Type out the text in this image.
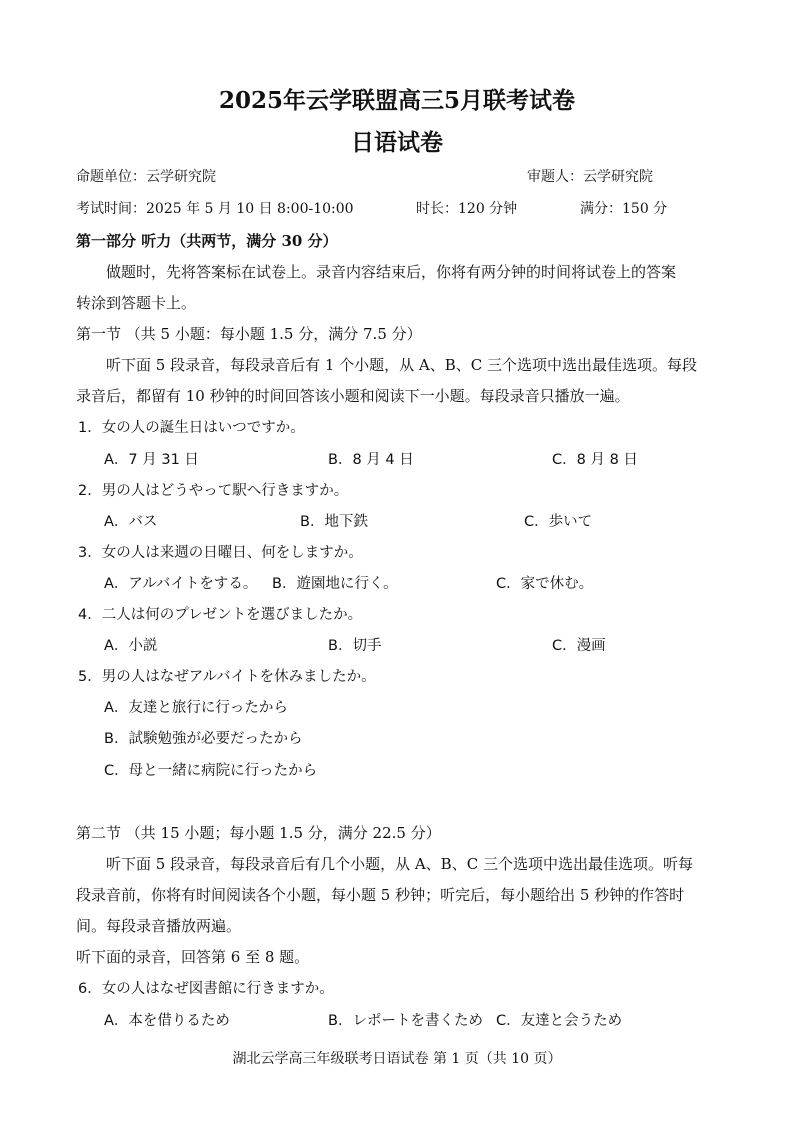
2025年云学联盟高三5月联考试卷
日语试卷
命题单位：云学研究院	审题人：云学研究院
考试时间：2025 年 5 月 10 日 8:00-10:00	时长：120 分钟	满分：150 分
第一部分 听力（共两节，满分 30 分）
做题时，先将答案标在试卷上。录音内容结束后，你将有两分钟的时间将试卷上的答案
转涂到答题卡上。
第一节 （共 5 小题：每小题 1.5 分，满分 7.5 分）
听下面 5 段录音，每段录音后有 1 个小题，从 A、B、C 三个选项中选出最佳选项。每段
录音后，都留有 10 秒钟的时间回答该小题和阅读下一小题。每段录音只播放一遍。
1．女の人の誕生日はいつですか。
A．7 月 31 日	B．8 月 4 日	C．8 月 8 日
2．男の人はどうやって駅へ行きますか。
A．バス	B．地下鉄	C．歩いて
3．女の人は来週の日曜日、何をしますか。
A．アルバイトをする。 B．遊園地に行く。	C．家で休む。
4．二人は何のプレゼントを選びましたか。
A．小説	B．切手	C．漫画
5．男の人はなぜアルバイトを休みましたか。
A．友達と旅行に行ったから
B．試験勉強が必要だったから
C．母と一緒に病院に行ったから
第二节 （共 15 小题；每小题 1.5 分，满分 22.5 分）
听下面 5 段录音，每段录音后有几个小题，从 A、B、C 三个选项中选出最佳选项。听每
段录音前，你将有时间阅读各个小题，每小题 5 秒钟；听完后，每小题给出 5 秒钟的作答时
间。每段录音播放两遍。
听下面的录音，回答第 6 至 8 题。
6．女の人はなぜ図書館に行きますか。
A．本を借りるため	B．レポートを書くため C．友達と会うため
湖北云学高三年级联考日语试卷 第 1 页（共 10 页）
